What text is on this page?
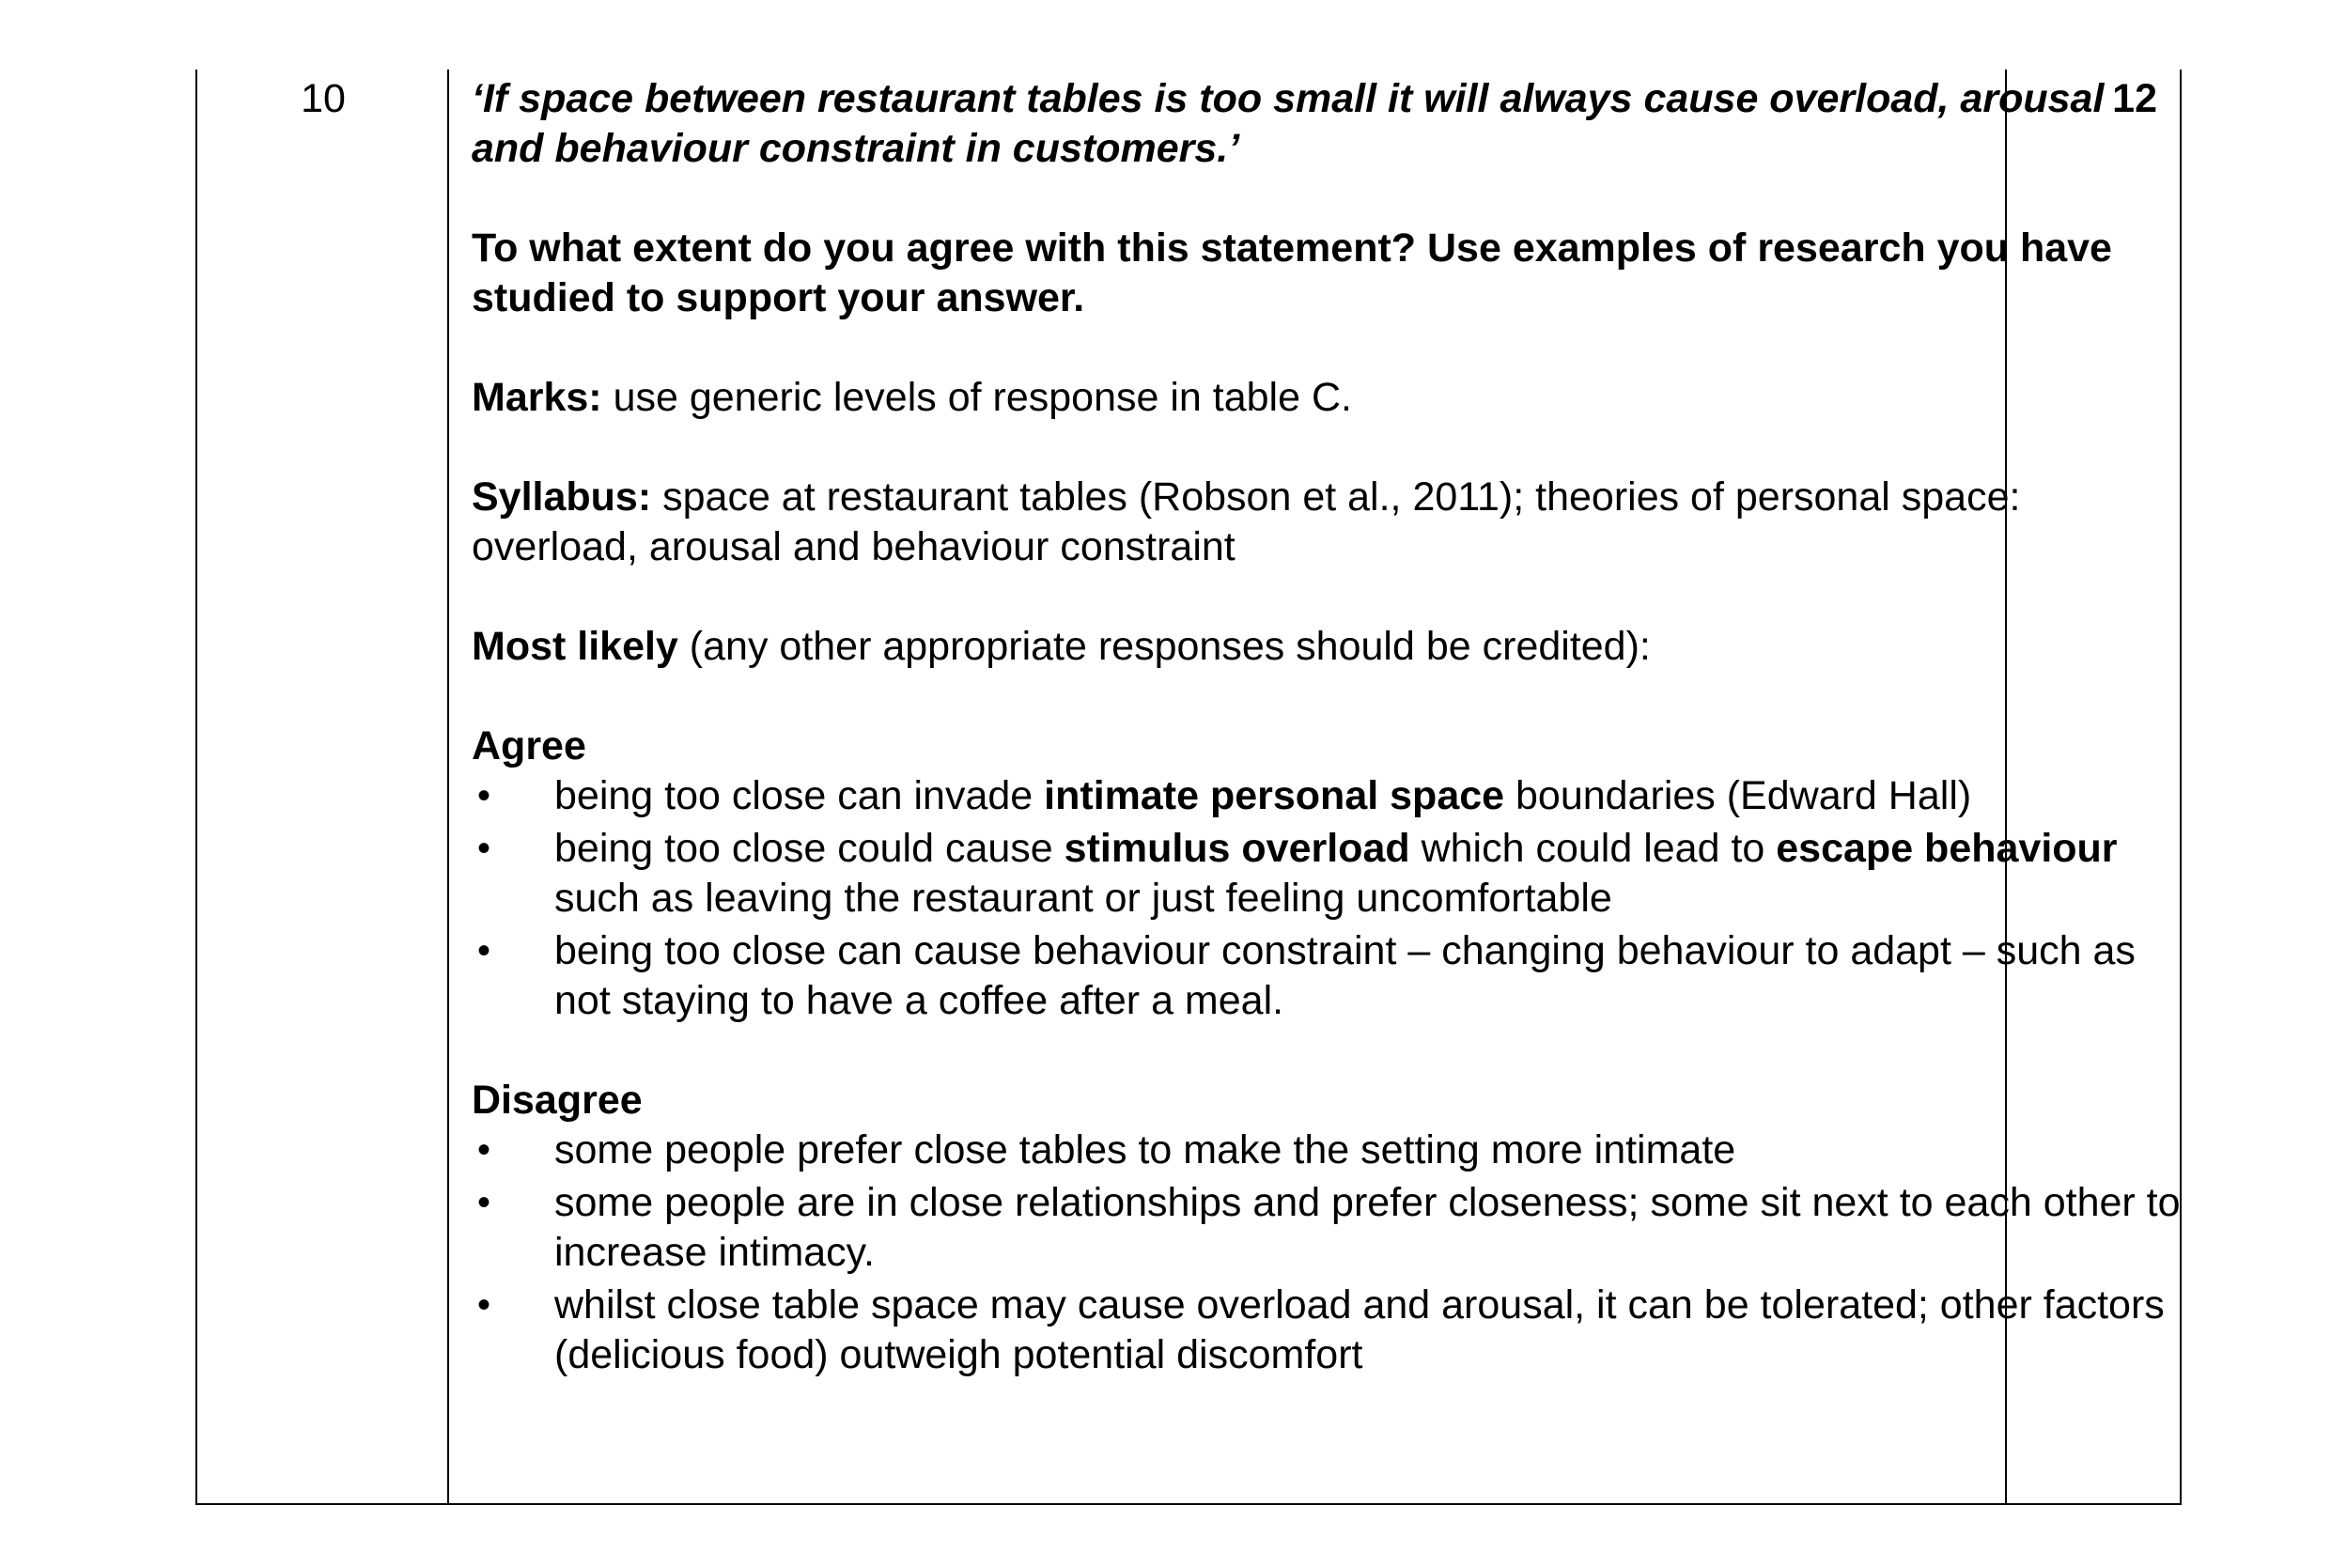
10	‘If space between restaurant tables is too small it will always cause overload, arousal and behaviour constraint in customers.’

To what extent do you agree with this statement? Use examples of research you have studied to support your answer.

Marks: use generic levels of response in table C.

Syllabus: space at restaurant tables (Robson et al., 2011); theories of personal space: overload, arousal and behaviour constraint

Most likely (any other appropriate responses should be credited):

Agree

•	being too close can invade intimate personal space boundaries (Edward Hall)
•	being too close could cause stimulus overload which could lead to escape behaviour such as leaving the restaurant or just feeling uncomfortable
•	being too close can cause behaviour constraint – changing behaviour to adapt – such as not staying to have a coffee after a meal.

Disagree

•	some people prefer close tables to make the setting more intimate
•	some people are in close relationships and prefer closeness; some sit next to each other to increase intimacy.
•	whilst close table space may cause overload and arousal, it can be tolerated; other factors (delicious food) outweigh potential discomfort
12
